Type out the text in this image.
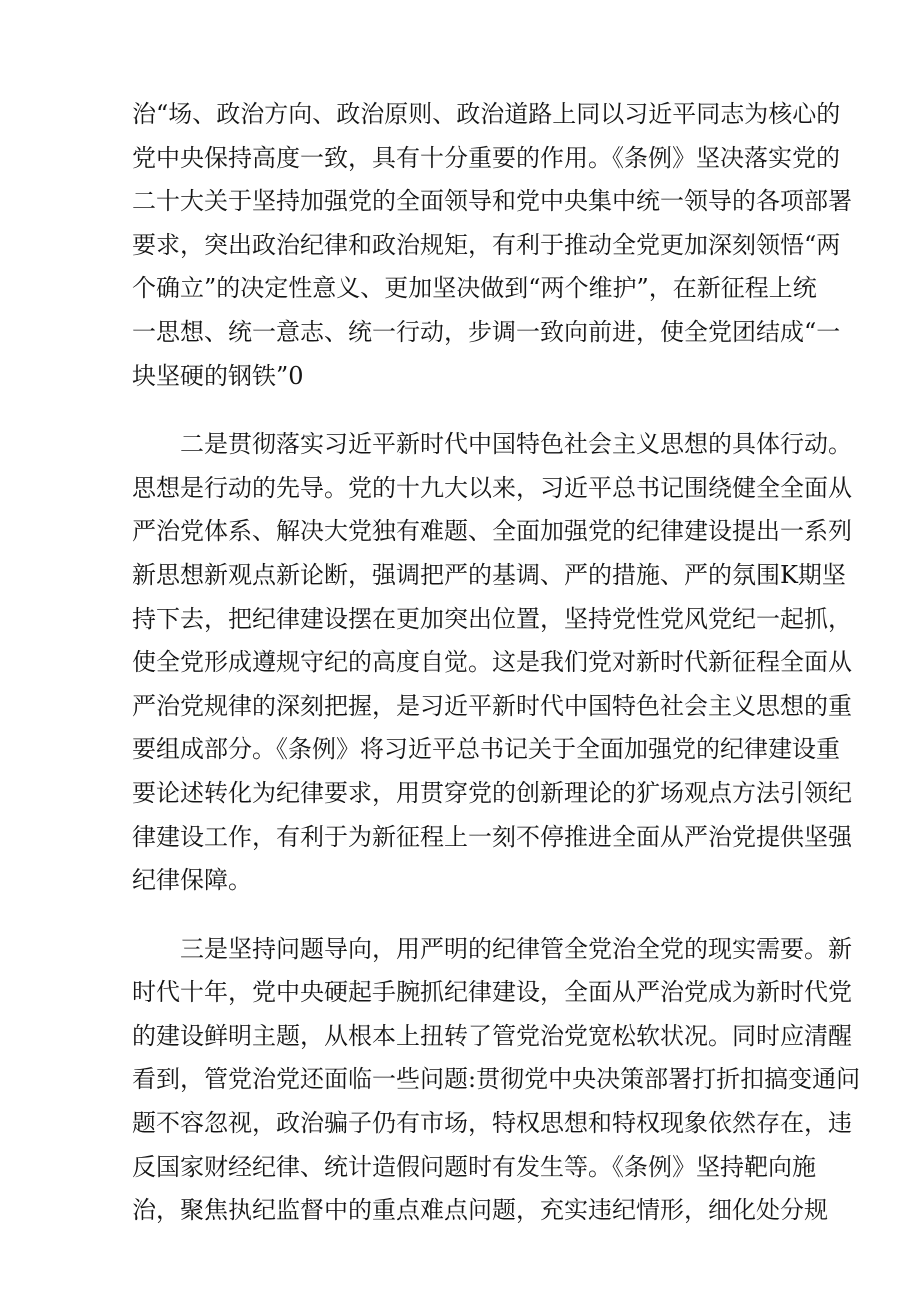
治“场、政治方向、政治原则、政治道路上同以习近平同志为核心的
党中央保持高度一致，具有十分重要的作用。《条例》坚决落实党的
二十大关于坚持加强党的全面领导和党中央集中统一领导的各项部署
要求，突出政治纪律和政治规矩，有利于推动全党更加深刻领悟“两
个确立”的决定性意义、更加坚决做到“两个维护”，在新征程上统
一思想、统一意志、统一行动，步调一致向前进，使全党团结成“一
块坚硬的钢铁”0
二是贯彻落实习近平新时代中国特色社会主义思想的具体行动。
思想是行动的先导。党的十九大以来，习近平总书记围绕健全全面从
严治党体系、解决大党独有难题、全面加强党的纪律建设提出一系列
新思想新观点新论断，强调把严的基调、严的措施、严的氛围K期坚
持下去，把纪律建设摆在更加突出位置，坚持党性党风党纪一起抓，
使全党形成遵规守纪的高度自觉。这是我们党对新时代新征程全面从
严治党规律的深刻把握，是习近平新时代中国特色社会主义思想的重
要组成部分。《条例》将习近平总书记关于全面加强党的纪律建设重
要论述转化为纪律要求，用贯穿党的创新理论的犷场观点方法引领纪
律建设工作，有利于为新征程上一刻不停推进全面从严治党提供坚强
纪律保障。
三是坚持问题导向，用严明的纪律管全党治全党的现实需要。新
时代十年，党中央硬起手腕抓纪律建设，全面从严治党成为新时代党
的建设鲜明主题，从根本上扭转了管党治党宽松软状况。同时应清醒
看到，管党治党还面临一些问题:贯彻党中央决策部署打折扣搞变通问
题不容忽视，政治骗子仍有市场，特权思想和特权现象依然存在，违
反国家财经纪律、统计造假问题时有发生等。《条例》坚持靶向施
治，聚焦执纪监督中的重点难点问题，充实违纪情形，细化处分规
